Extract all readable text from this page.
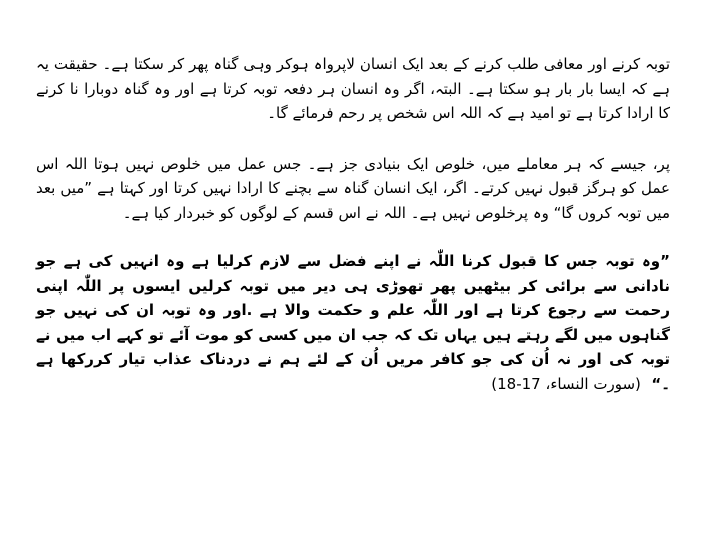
توبہ کرنے اور معافی طلب کرنے کے بعد ایک انسان لاپرواہ ہوکر وہی گناہ پھر کر سکتا ہے۔ حقیقت یہ ہے کہ ایسا بار بار ہو سکتا ہے۔ البتہ، اگر وہ انسان ہر دفعہ توبہ کرتا ہے اور وہ گناہ دوبارا نا کرنے کا ارادا کرتا ہے تو امید ہے کہ اللہ اس شخص پر رحم فرمائے گا۔

پر، جیسے کہ ہر معاملے میں، خلوص ایک بنیادی جز ہے۔ جس عمل میں خلوص نہیں ہوتا اللہ اس عمل کو ہرگز قبول نہیں کرتے۔ اگر، ایک انسان گناہ سے بچنے کا ارادا نہیں کرتا اور کہتا ہے ”میں بعد میں توبہ کروں گا“ وہ پرخلوص نہیں ہے۔ اللہ نے اس قسم کے لوگوں کو خبردار کیا ہے۔

”وہ توبہ جس کا قبول کرنا اللّٰہ نے اپنے فضل سے لازم کرلیا ہے وہ انہیں کی ہے جو نادانی سے برائی کر بیٹھیں پھر تھوڑی ہی دیر میں توبہ کرلیں ایسوں پر اللّٰہ اپنی رحمت سے رجوع کرتا ہے اور اللّٰہ علم و حکمت والا ہے .اور وہ توبہ ان کی نہیں جو گناہوں میں لگے رہتے ہیں یہاں تک کہ جب ان میں کسی کو موت آئے تو کہے اب میں نے توبہ کی اور نہ اُن کی جو کافر مریں اُن کے لئے ہم نے دردناک عذاب تیار کررکھا ہے ۔“  (سورت النساء، 17-18)
